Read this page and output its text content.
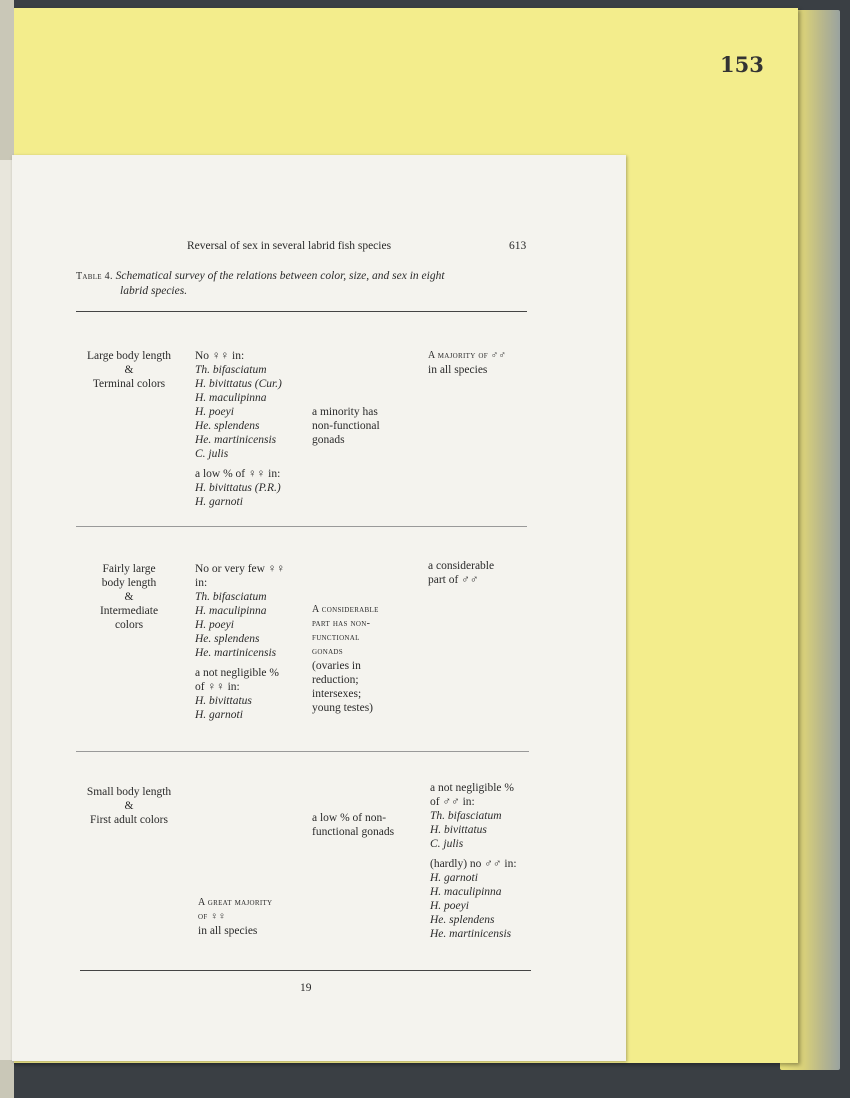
153
Reversal of sex in several labrid fish species	613
Table 4. Schematical survey of the relations between color, size, and sex in eight
labrid species.
Large body length
&
Terminal colors
No ♀♀ in:
Th. bifasciatum
H. bivittatus (Cur.)
H. maculipinna
H. poeyi
He. splendens
He. martinicensis
C. julis
a low % of ♀♀ in:
H. bivittatus (P.R.)
H. garnoti
a minority has
non-functional
gonads
A majority of ♂♂
in all species
Fairly large
body length
&
Intermediate
colors
No or very few ♀♀
in:
Th. bifasciatum
H. maculipinna
H. poeyi
He. splendens
He. martinicensis
a not negligible %
of ♀♀ in:
H. bivittatus
H. garnoti
A considerable
part has non-
functional
gonads
(ovaries in
reduction;
intersexes;
young testes)
a considerable
part of ♂♂
Small body length
&
First adult colors
A great majority
of ♀♀
in all species
a low % of non-
functional gonads
a not negligible %
of ♂♂ in:
Th. bifasciatum
H. bivittatus
C. julis
(hardly) no ♂♂ in:
H. garnoti
H. maculipinna
H. poeyi
He. splendens
He. martinicensis
19
